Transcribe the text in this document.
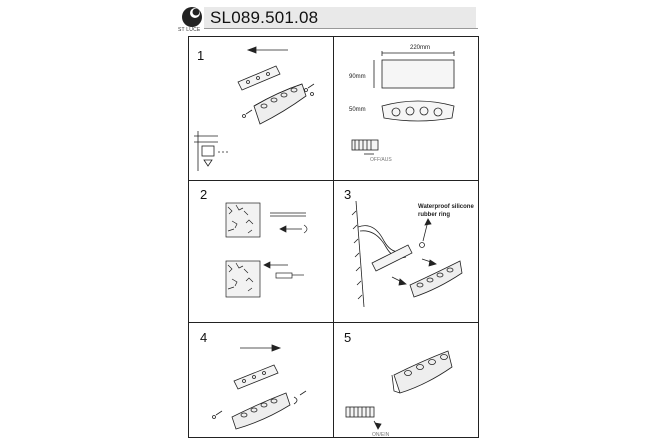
ST LUCE
SL089.501.08
1
2	3
4	5
220mm
90mm
50mm
OFF/AUS
Waterproof silicone
rubber ring
ON/EIN
